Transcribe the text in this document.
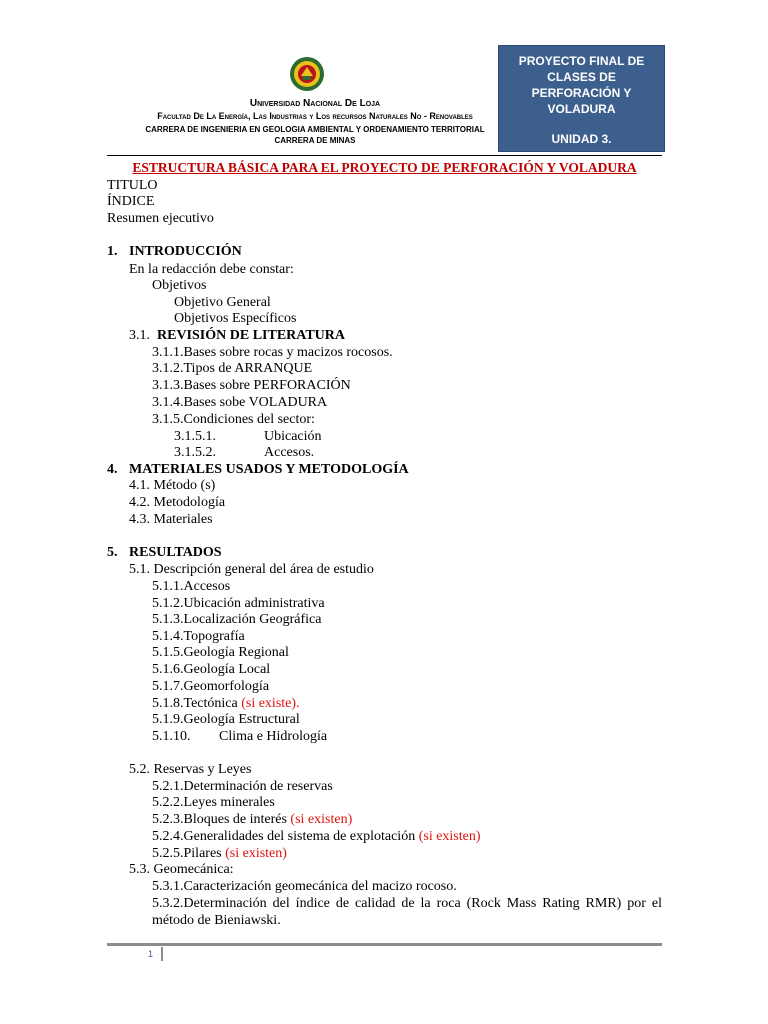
Universidad Nacional De Loja
Facultad De La Energía, Las Industrias y Los recursos Naturales No - Renovables
CARRERA DE INGENIERIA EN GEOLOGIA AMBIENTAL Y ORDENAMIENTO TERRITORIAL
CARRERA DE MINAS
PROYECTO FINAL DE
CLASES DE
PERFORACIÓN Y
VOLADURA
UNIDAD 3.
ESTRUCTURA BÁSICA PARA EL PROYECTO DE PERFORACIÓN Y VOLADURA
TITULO
ÍNDICE
Resumen ejecutivo
1. INTRODUCCIÓN
En la redacción debe constar:
Objetivos
Objetivo General
Objetivos Específicos
3.1. REVISIÓN DE LITERATURA
3.1.1.Bases sobre rocas y macizos rocosos.
3.1.2.Tipos de ARRANQUE
3.1.3.Bases sobre PERFORACIÓN
3.1.4.Bases sobe VOLADURA
3.1.5.Condiciones del sector:
3.1.5.1.	Ubicación
3.1.5.2.	Accesos.
4. MATERIALES USADOS Y METODOLOGÍA
4.1. Método (s)
4.2. Metodología
4.3. Materiales
5. RESULTADOS
5.1. Descripción general del área de estudio
5.1.1.Accesos
5.1.2.Ubicación administrativa
5.1.3.Localización Geográfica
5.1.4.Topografía
5.1.5.Geología Regional
5.1.6.Geología Local
5.1.7.Geomorfología
5.1.8.Tectónica (si existe).
5.1.9.Geología Estructural
5.1.10. Clima e Hidrología
5.2. Reservas y Leyes
5.2.1.Determinación de reservas
5.2.2.Leyes minerales
5.2.3.Bloques de interés (si existen)
5.2.4.Generalidades del sistema de explotación (si existen)
5.2.5.Pilares (si existen)
5.3. Geomecánica:
5.3.1.Caracterización geomecánica del macizo rocoso.
5.3.2.Determinación del índice de calidad de la roca (Rock Mass Rating RMR) por el método de Bieniawski.
1
